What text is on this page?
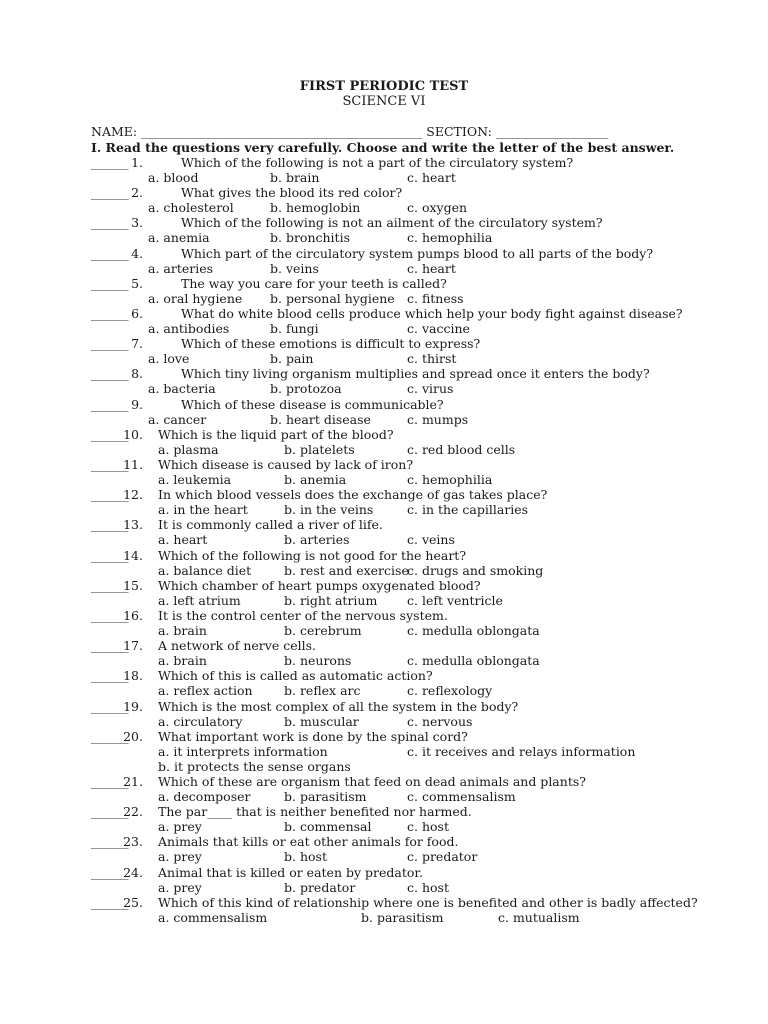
FIRST PERIODIC TEST
SCIENCE VI
NAME: _____________________________________________ SECTION: __________________
I. Read the questions very carefully. Choose and write the letter of the best answer.
______ 1.	Which of the following is not a part of the circulatory system?
a. blood	b. brain	c. heart
______ 2.	What gives the blood its red color?
a. cholesterol	b. hemoglobin	c. oxygen
______ 3.	Which of the following is not an ailment of the circulatory system?
a. anemia	b. bronchitis	c. hemophilia
______ 4.	Which part of the circulatory system pumps blood to all parts of the body?
a. arteries	b. veins	c. heart
______ 5.	The way you care for your teeth is called?
a. oral hygiene b. personal hygiene c. fitness
______ 6.	What do white blood cells produce which help your body fight against disease?
a. antibodies	b. fungi	c. vaccine
______ 7.	Which of these emotions is difficult to express?
a. love	b. pain	c. thirst
______ 8.	Which tiny living organism multiplies and spread once it enters the body?
a. bacteria	b. protozoa	c. virus
______ 9.	Which of these disease is communicable?
a. cancer	b. heart disease	c. mumps
______
10. Which is the liquid part of the blood?
a. plasma	b. platelets	c. red blood cells
______
11. Which disease is caused by lack of iron?
a. leukemia	b. anemia	c. hemophilia
______
12. In which blood vessels does the exchange of gas takes place?
a. in the heart	b. in the veins	c. in the capillaries
______
13. It is commonly called a river of life.
a. heart	b. arteries	c. veins
______
14. Which of the following is not good for the heart?
a. balance diet	b. rest and exercise
c. drugs and smoking
______
15. Which chamber of heart pumps oxygenated blood?
a. left atrium	b. right atrium c. left ventricle
______
16. It is the control center of the nervous system.
a. brain	b. cerebrum	c. medulla oblongata
______
17. A network of nerve cells.
a. brain	b. neurons	c. medulla oblongata
______
18. Which of this is called as automatic action?
a. reflex action	b. reflex arc	c. reflexology
______
19. Which is the most complex of all the system in the body?
a. circulatory	b. muscular	c. nervous
______
20. What important work is done by the spinal cord?
a. it interprets information	c. it receives and relays information
b. it protects the sense organs
______
21. Which of these are organism that feed on dead animals and plants?
a. decomposer	b. parasitism	c. commensalism
______
22. The par____ that is neither benefited nor harmed.
a. prey	b. commensal	c. host
______
23. Animals that kills or eat other animals for food.
a. prey	b. host	c. predator
______
24. Animal that is killed or eaten by predator.
a. prey	b. predator	c. host
______
25. Which of this kind of relationship where one is benefited and other is badly affected?
a. commensalism	b. parasitism	c. mutualism
